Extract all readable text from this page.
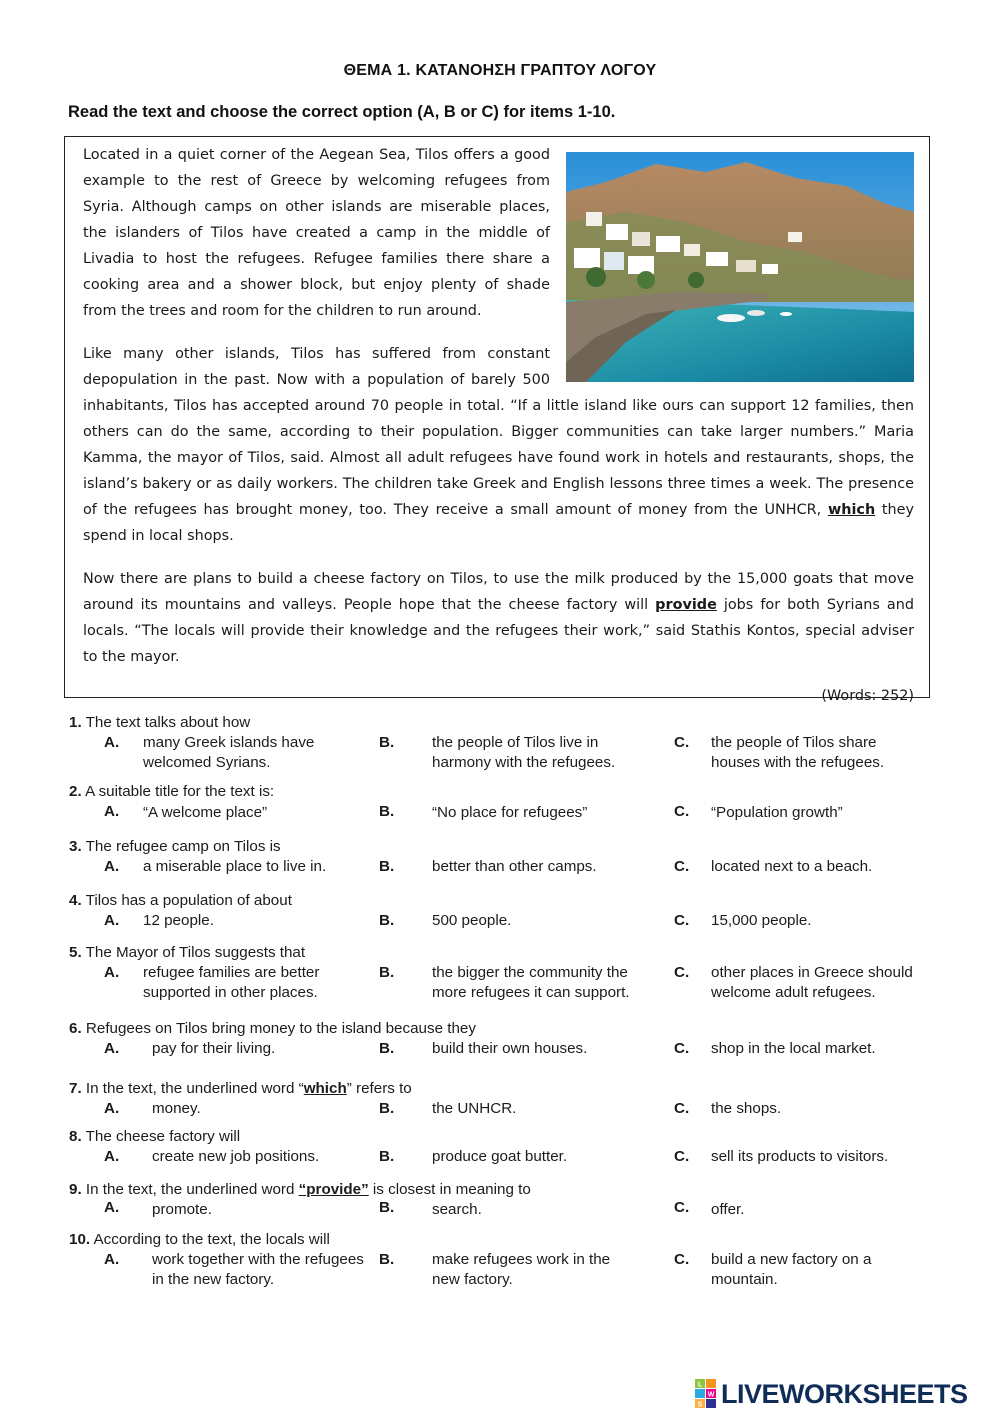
ΘΕΜΑ 1. ΚΑΤΑΝΟΗΣΗ ΓΡΑΠΤΟΥ ΛΟΓΟΥ
Read the text and choose the correct option (A, B or C) for items 1-10.

Located in a quiet corner of the Aegean Sea, Tilos offers a good example to the rest of Greece by welcoming refugees from Syria. Although camps on other islands are miserable places, the islanders of Tilos have created a camp in the middle of Livadia to host the refugees. Refugee families there share a cooking area and a shower block, but enjoy plenty of shade from the trees and room for the children to run around.

Like many other islands, Tilos has suffered from constant depopulation in the past. Now with a population of barely 500 inhabitants, Tilos has accepted around 70 people in total. “If a little island like ours can support 12 families, then others can do the same, according to their population. Bigger communities can take larger numbers.” Maria Kamma, the mayor of Tilos, said. Almost all adult refugees have found work in hotels and restaurants, shops, the island’s bakery or as daily workers. The children take Greek and English lessons three times a week. The presence of the refugees has brought money, too. They receive a small amount of money from the UNHCR, which they spend in local shops.

Now there are plans to build a cheese factory on Tilos, to use the milk produced by the 15,000 goats that move around its mountains and valleys. People hope that the cheese factory will provide jobs for both Syrians and locals. “The locals will provide their knowledge and the refugees their work,” said Stathis Kontos, special adviser to the mayor.

(Words: 252)
1. The text talks about how
A. many Greek islands have welcomed Syrians.
B. the people of Tilos live in harmony with the refugees.
C. the people of Tilos share houses with the refugees.
2. A suitable title for the text is:
A. “A welcome place”	B. “No place for refugees”	C. “Population growth”
3. The refugee camp on Tilos is
A. a miserable place to live in.	B. better than other camps.	C. located next to a beach.
4. Tilos has a population of about
A. 12 people.	B. 500 people.	C. 15,000 people.
5. The Mayor of Tilos suggests that
A. refugee families are better supported in other places.
B. the bigger the community the more refugees it can support.
C. other places in Greece should welcome adult refugees.
6. Refugees on Tilos bring money to the island because they
A. pay for their living.	B. build their own houses.	C. shop in the local market.
7. In the text, the underlined word “which” refers to
A. money.	B. the UNHCR.	C. the shops.
8. The cheese factory will
A. create new job positions.	B. produce goat butter.	C. sell its products to visitors.
9. In the text, the underlined word “provide” is closest in meaning to
A. promote.	B. search.	C. offer.
10. According to the text, the locals will
A. work together with the refugees in the new factory.
B. make refugees work in the new factory.
C. build a new factory on a mountain.
L
W
S LIVEWORKSHEETS
